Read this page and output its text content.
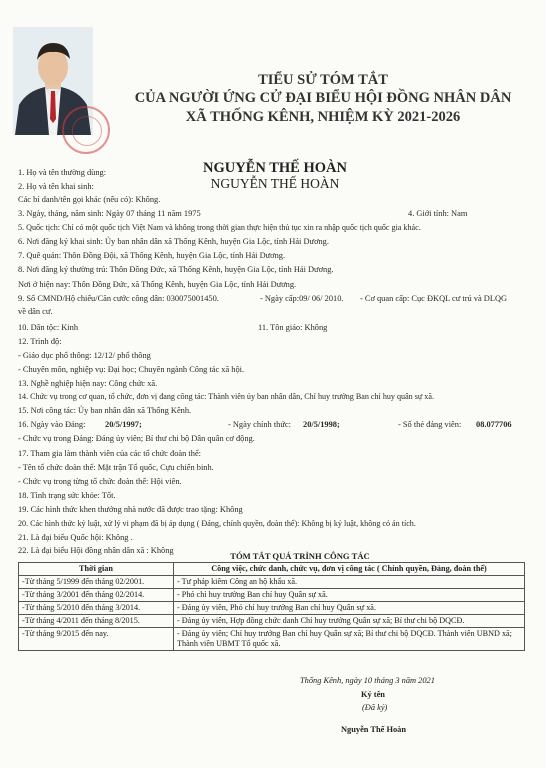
TIỂU SỬ TÓM TẮT
CỦA NGƯỜI ỨNG CỬ ĐẠI BIỂU HỘI ĐỒNG NHÂN DÂN
XÃ THỐNG KÊNH, NHIỆM KỲ 2021-2026
NGUYỄN THẾ HOÀN
NGUYỄN THẾ HOÀN
1. Họ và tên thường dùng:
2. Họ và tên khai sinh:
Các bí danh/tên gọi khác (nếu có): Không.
3. Ngày, tháng, năm sinh: Ngày 07 tháng 11 năm 1975	4. Giới tính: Nam
5. Quốc tịch: Chỉ có một quốc tịch Việt Nam và không trong thời gian thực hiện thủ tục xin ra nhập quốc tịch quốc gia khác.
6. Nơi đăng ký khai sinh: Ủy ban nhân dân xã Thống Kênh, huyện Gia Lộc, tỉnh Hải Dương.
7. Quê quán: Thôn Đồng Đội, xã Thống Kênh, huyện Gia Lộc, tỉnh Hải Dương.
8. Nơi đăng ký thường trú: Thôn Đồng Đức, xã Thống Kênh, huyện Gia Lộc, tỉnh Hải Dương.
Nơi ở hiện nay: Thôn Đồng Đức, xã Thống Kênh, huyện Gia Lộc, tỉnh Hải Dương.
9. Số CMND/Hộ chiếu/Căn cước công dân: 030075001450.	- Ngày cấp:09/ 06/ 2010. - Cơ quan cấp: Cục ĐKQL cư trú và DLQG
về dân cư.
10. Dân tộc: Kinh	11. Tôn giáo: Không
12. Trình độ:
- Giáo dục phổ thông: 12/12/ phổ thông
- Chuyên môn, nghiệp vụ: Đại học; Chuyên ngành Công tác xã hội.
13. Nghề nghiệp hiện nay: Công chức xã.
14. Chức vụ trong cơ quan, tổ chức, đơn vị đang công tác: Thành viên ủy ban nhân dân, Chỉ huy trưởng Ban chỉ huy quân sự xã.
15. Nơi công tác: Ủy ban nhân dân xã Thống Kênh.
16. Ngày vào Đảng: 20/5/1997;	- Ngày chính thức: 20/5/1998;	- Số thẻ đảng viên: 08.077706
- Chức vụ trong Đảng: Đảng ủy viên; Bí thư chi bộ Dân quân cơ động.
17. Tham gia làm thành viên của các tổ chức đoàn thể:
- Tên tổ chức đoàn thể: Mặt trận Tổ quốc, Cựu chiến binh.
- Chức vụ trong từng tổ chức đoàn thể: Hội viên.
18. Tình trạng sức khỏe: Tốt.
19. Các hình thức khen thưởng nhà nước đã được trao tặng: Không
20. Các hình thức kỷ luật, xử lý vi phạm đã bị áp dụng ( Đảng, chính quyền, đoàn thể): Không bị kỷ luật, không có án tích.
21. Là đại biểu Quốc hội: Không .
22. Là đại biểu Hội đồng nhân dân xã : Không
TÓM TẮT QUÁ TRÌNH CÔNG TÁC
Thời gian	Công việc, chức danh, chức vụ, đơn vị công tác ( Chính quyền, Đảng, đoàn thể)
-Từ tháng 5/1999 đến tháng 02/2001.	- Tư pháp kiêm Công an hộ khẩu xã.
-Từ tháng 3/2001 đến tháng 02/2014.	- Phó chỉ huy trưởng Ban chỉ huy Quân sự xã.
-Từ tháng 5/2010 đến tháng 3/2014.	- Đảng ủy viên, Phó chỉ huy trưởng Ban chỉ huy Quân sự xã.
-Từ tháng 4/2011 đến tháng 8/2015.	- Đảng ủy viên, Hợp đồng chức danh Chỉ huy trưởng Quân sự xã; Bí thư chi bộ DQCĐ.
-Từ tháng 9/2015 đến nay.	- Đảng ủy viên; Chỉ huy trưởng Ban chỉ huy Quân sự xã; Bí thư chi bộ DQCĐ. Thành viên UBND xã; Thành viên UBMT Tổ quốc xã.
Thống Kênh, ngày 10 tháng 3 năm 2021
Ký tên
(Đã ký)
Nguyễn Thế Hoàn
